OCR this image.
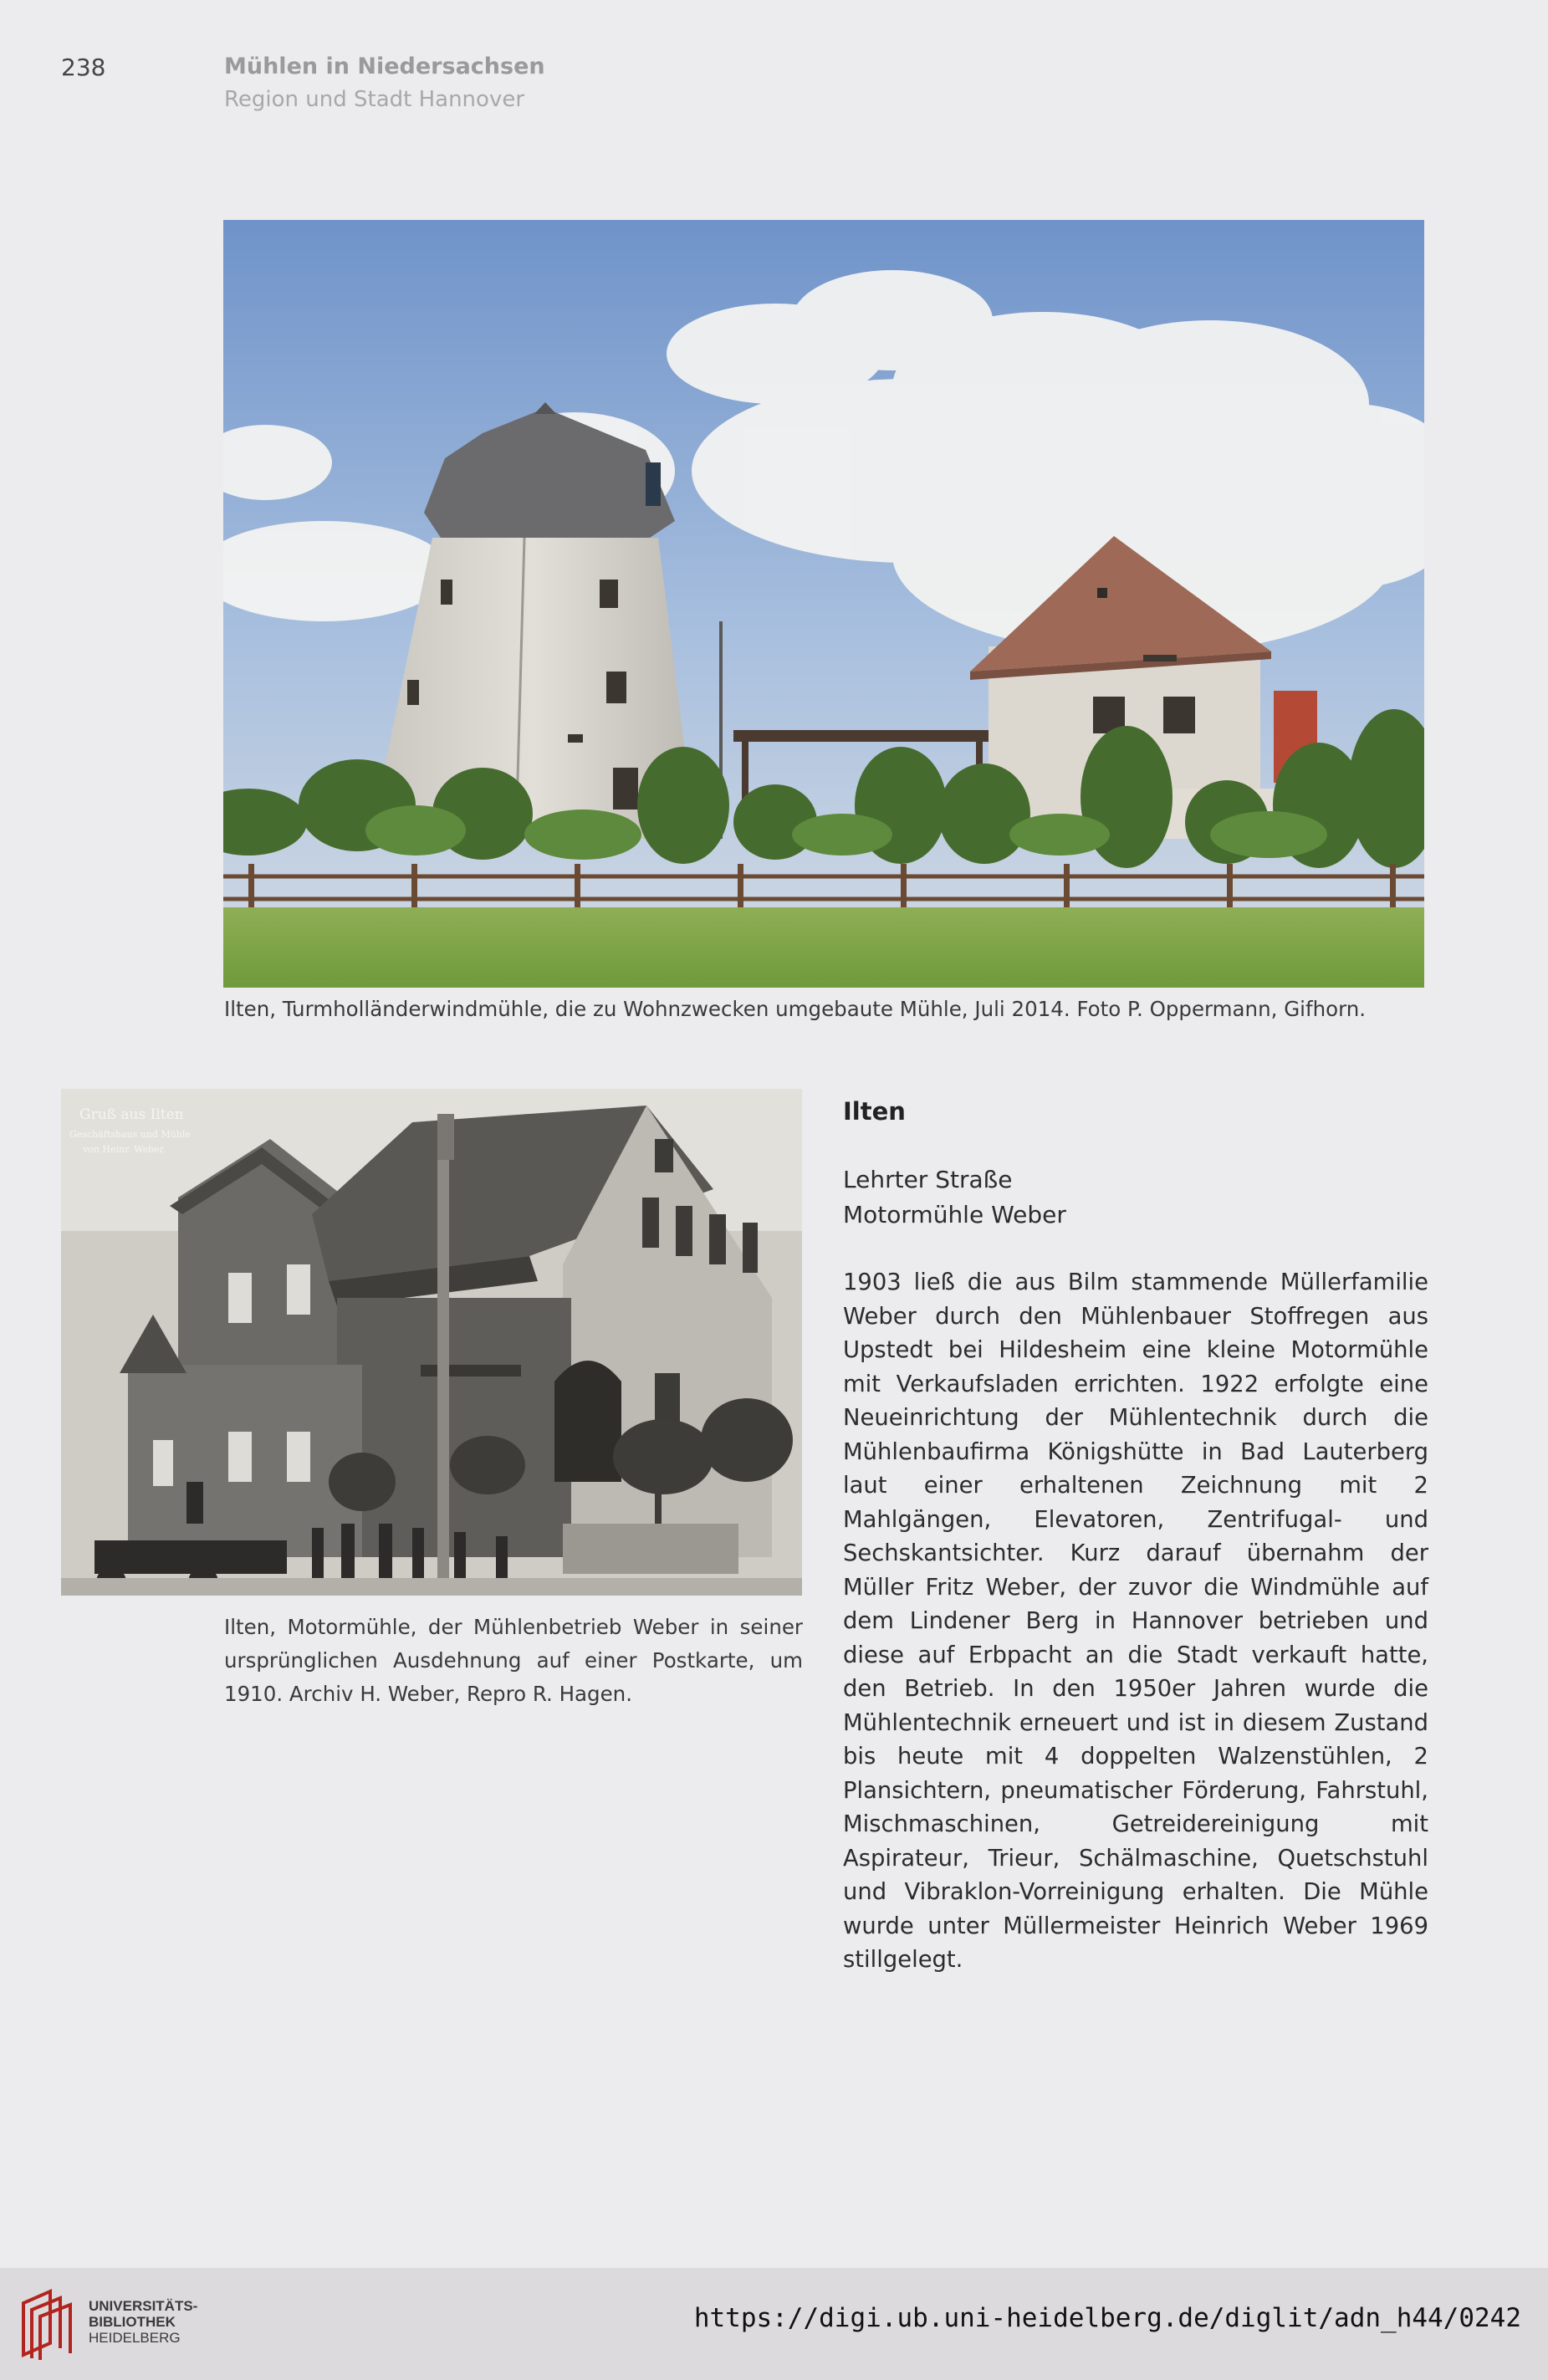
238	Mühlen in Niedersachsen
Region und Stadt Hannover
Ilten, Turmholländerwindmühle, die zu Wohnzwecken umgebaute Mühle, Juli 2014. Foto P. Oppermann, Gifhorn.
Gruß aus Ilten
Geschäftshaus und Mühle
von Heinr. Weber.
Ilten, Motormühle, der Mühlenbetrieb Weber in seiner ursprünglichen Ausdehnung auf einer Postkarte, um 1910. Archiv H. Weber, Repro R. Hagen.
Ilten
Lehrter Straße
Motormühle Weber

1903 ließ die aus Bilm stammende Müllerfamilie Weber durch den Mühlenbauer Stoffregen aus Upstedt bei Hildesheim eine kleine Motormühle mit Verkaufsladen errichten. 1922 erfolgte eine Neueinrichtung der Mühlentechnik durch die Mühlenbaufirma Königshütte in Bad Lauterberg laut einer erhaltenen Zeichnung mit 2 Mahlgängen, Elevatoren, Zentrifugal- und Sechskantsichter. Kurz darauf übernahm der Müller Fritz Weber, der zuvor die Windmühle auf dem Lindener Berg in Hannover betrieben und diese auf Erbpacht an die Stadt verkauft hatte, den Betrieb. In den 1950er Jahren wurde die Mühlentechnik erneuert und ist in diesem Zustand bis heute mit 4 doppelten Walzenstühlen, 2 Plansichtern, pneumatischer Förderung, Fahrstuhl, Mischmaschinen, Getreidereinigung mit Aspirateur, Trieur, Schälmaschine, Quetschstuhl und Vibraklon-Vorreinigung erhalten. Die Mühle wurde unter Müllermeister Heinrich Weber 1969 stillgelegt.

UNIVERSITÄTS-
BIBLIOTHEK
HEIDELBERG
https://digi.ub.uni-heidelberg.de/diglit/adn_h44/0242
